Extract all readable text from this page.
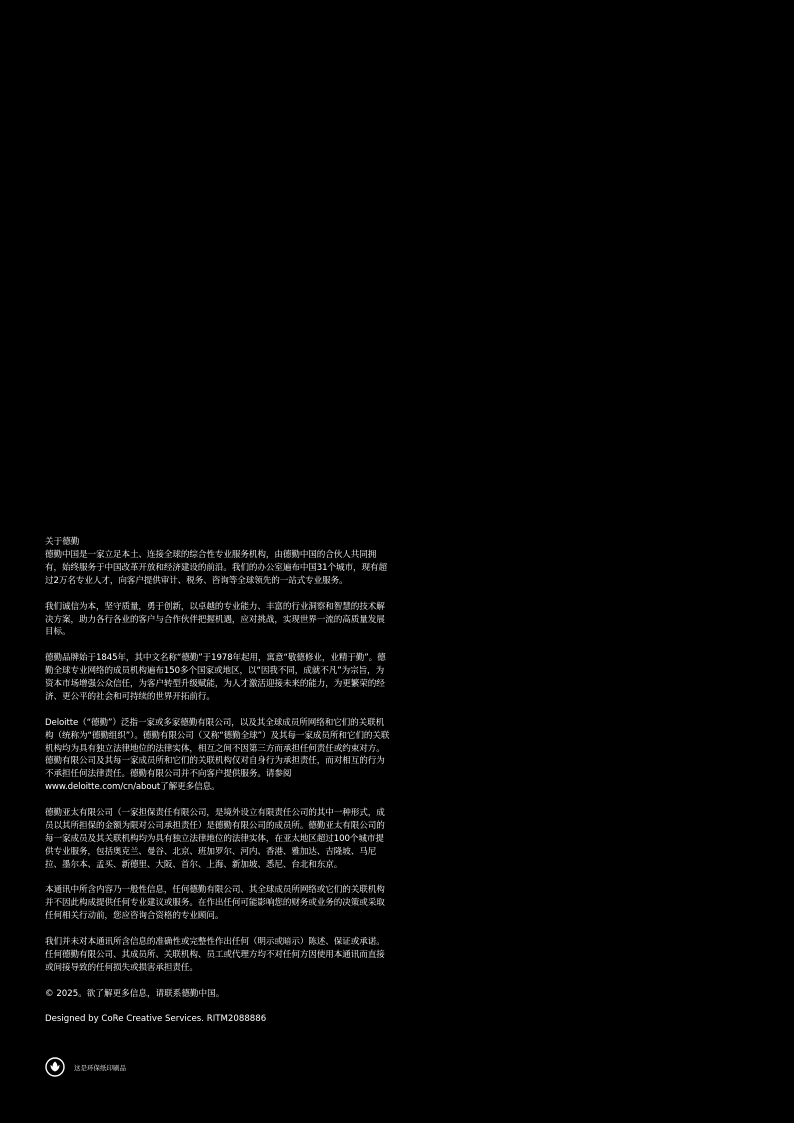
关于德勤

德勤中国是一家立足本土、连接全球的综合性专业服务机构，由德勤中国的合伙人共同拥有，始终服务于中国改革开放和经济建设的前沿。我们的办公室遍布中国31个城市，现有超过2万名专业人才，向客户提供审计、税务、咨询等全球领先的一站式专业服务。

我们诚信为本，坚守质量，勇于创新，以卓越的专业能力、丰富的行业洞察和智慧的技术解决方案，助力各行各业的客户与合作伙伴把握机遇，应对挑战，实现世界一流的高质量发展目标。

德勤品牌始于1845年，其中文名称“德勤”于1978年起用，寓意“敬德修业，业精于勤”。德勤全球专业网络的成员机构遍布150多个国家或地区，以“因我不同，成就不凡”为宗旨，为资本市场增强公众信任，为客户转型升级赋能，为人才激活迎接未来的能力，为更繁荣的经济、更公平的社会和可持续的世界开拓前行。

Deloitte（“德勤”）泛指一家或多家德勤有限公司，以及其全球成员所网络和它们的关联机构（统称为“德勤组织”）。德勤有限公司（又称“德勤全球”）及其每一家成员所和它们的关联机构均为具有独立法律地位的法律实体，相互之间不因第三方而承担任何责任或约束对方。德勤有限公司及其每一家成员所和它们的关联机构仅对自身行为承担责任，而对相互的行为不承担任何法律责任。德勤有限公司并不向客户提供服务。请参阅www.deloitte.com/cn/about了解更多信息。

德勤亚太有限公司（一家担保责任有限公司，是境外设立有限责任公司的其中一种形式，成员以其所担保的金额为限对公司承担责任）是德勤有限公司的成员所。德勤亚太有限公司的每一家成员及其关联机构均为具有独立法律地位的法律实体，在亚太地区超过100个城市提供专业服务，包括奥克兰、曼谷、北京、班加罗尔、河内、香港、雅加达、吉隆坡、马尼拉、墨尔本、孟买、新德里、大阪、首尔、上海、新加坡、悉尼、台北和东京。

本通讯中所含内容乃一般性信息，任何德勤有限公司、其全球成员所网络或它们的关联机构并不因此构成提供任何专业建议或服务。在作出任何可能影响您的财务或业务的决策或采取任何相关行动前，您应咨询合资格的专业顾问。

我们并未对本通讯所含信息的准确性或完整性作出任何（明示或暗示）陈述、保证或承诺。任何德勤有限公司、其成员所、关联机构、员工或代理方均不对任何方因使用本通讯而直接或间接导致的任何损失或损害承担责任。

© 2025。欲了解更多信息，请联系德勤中国。

Designed by CoRe Creative Services. RITM2088886

这是环保纸印刷品
